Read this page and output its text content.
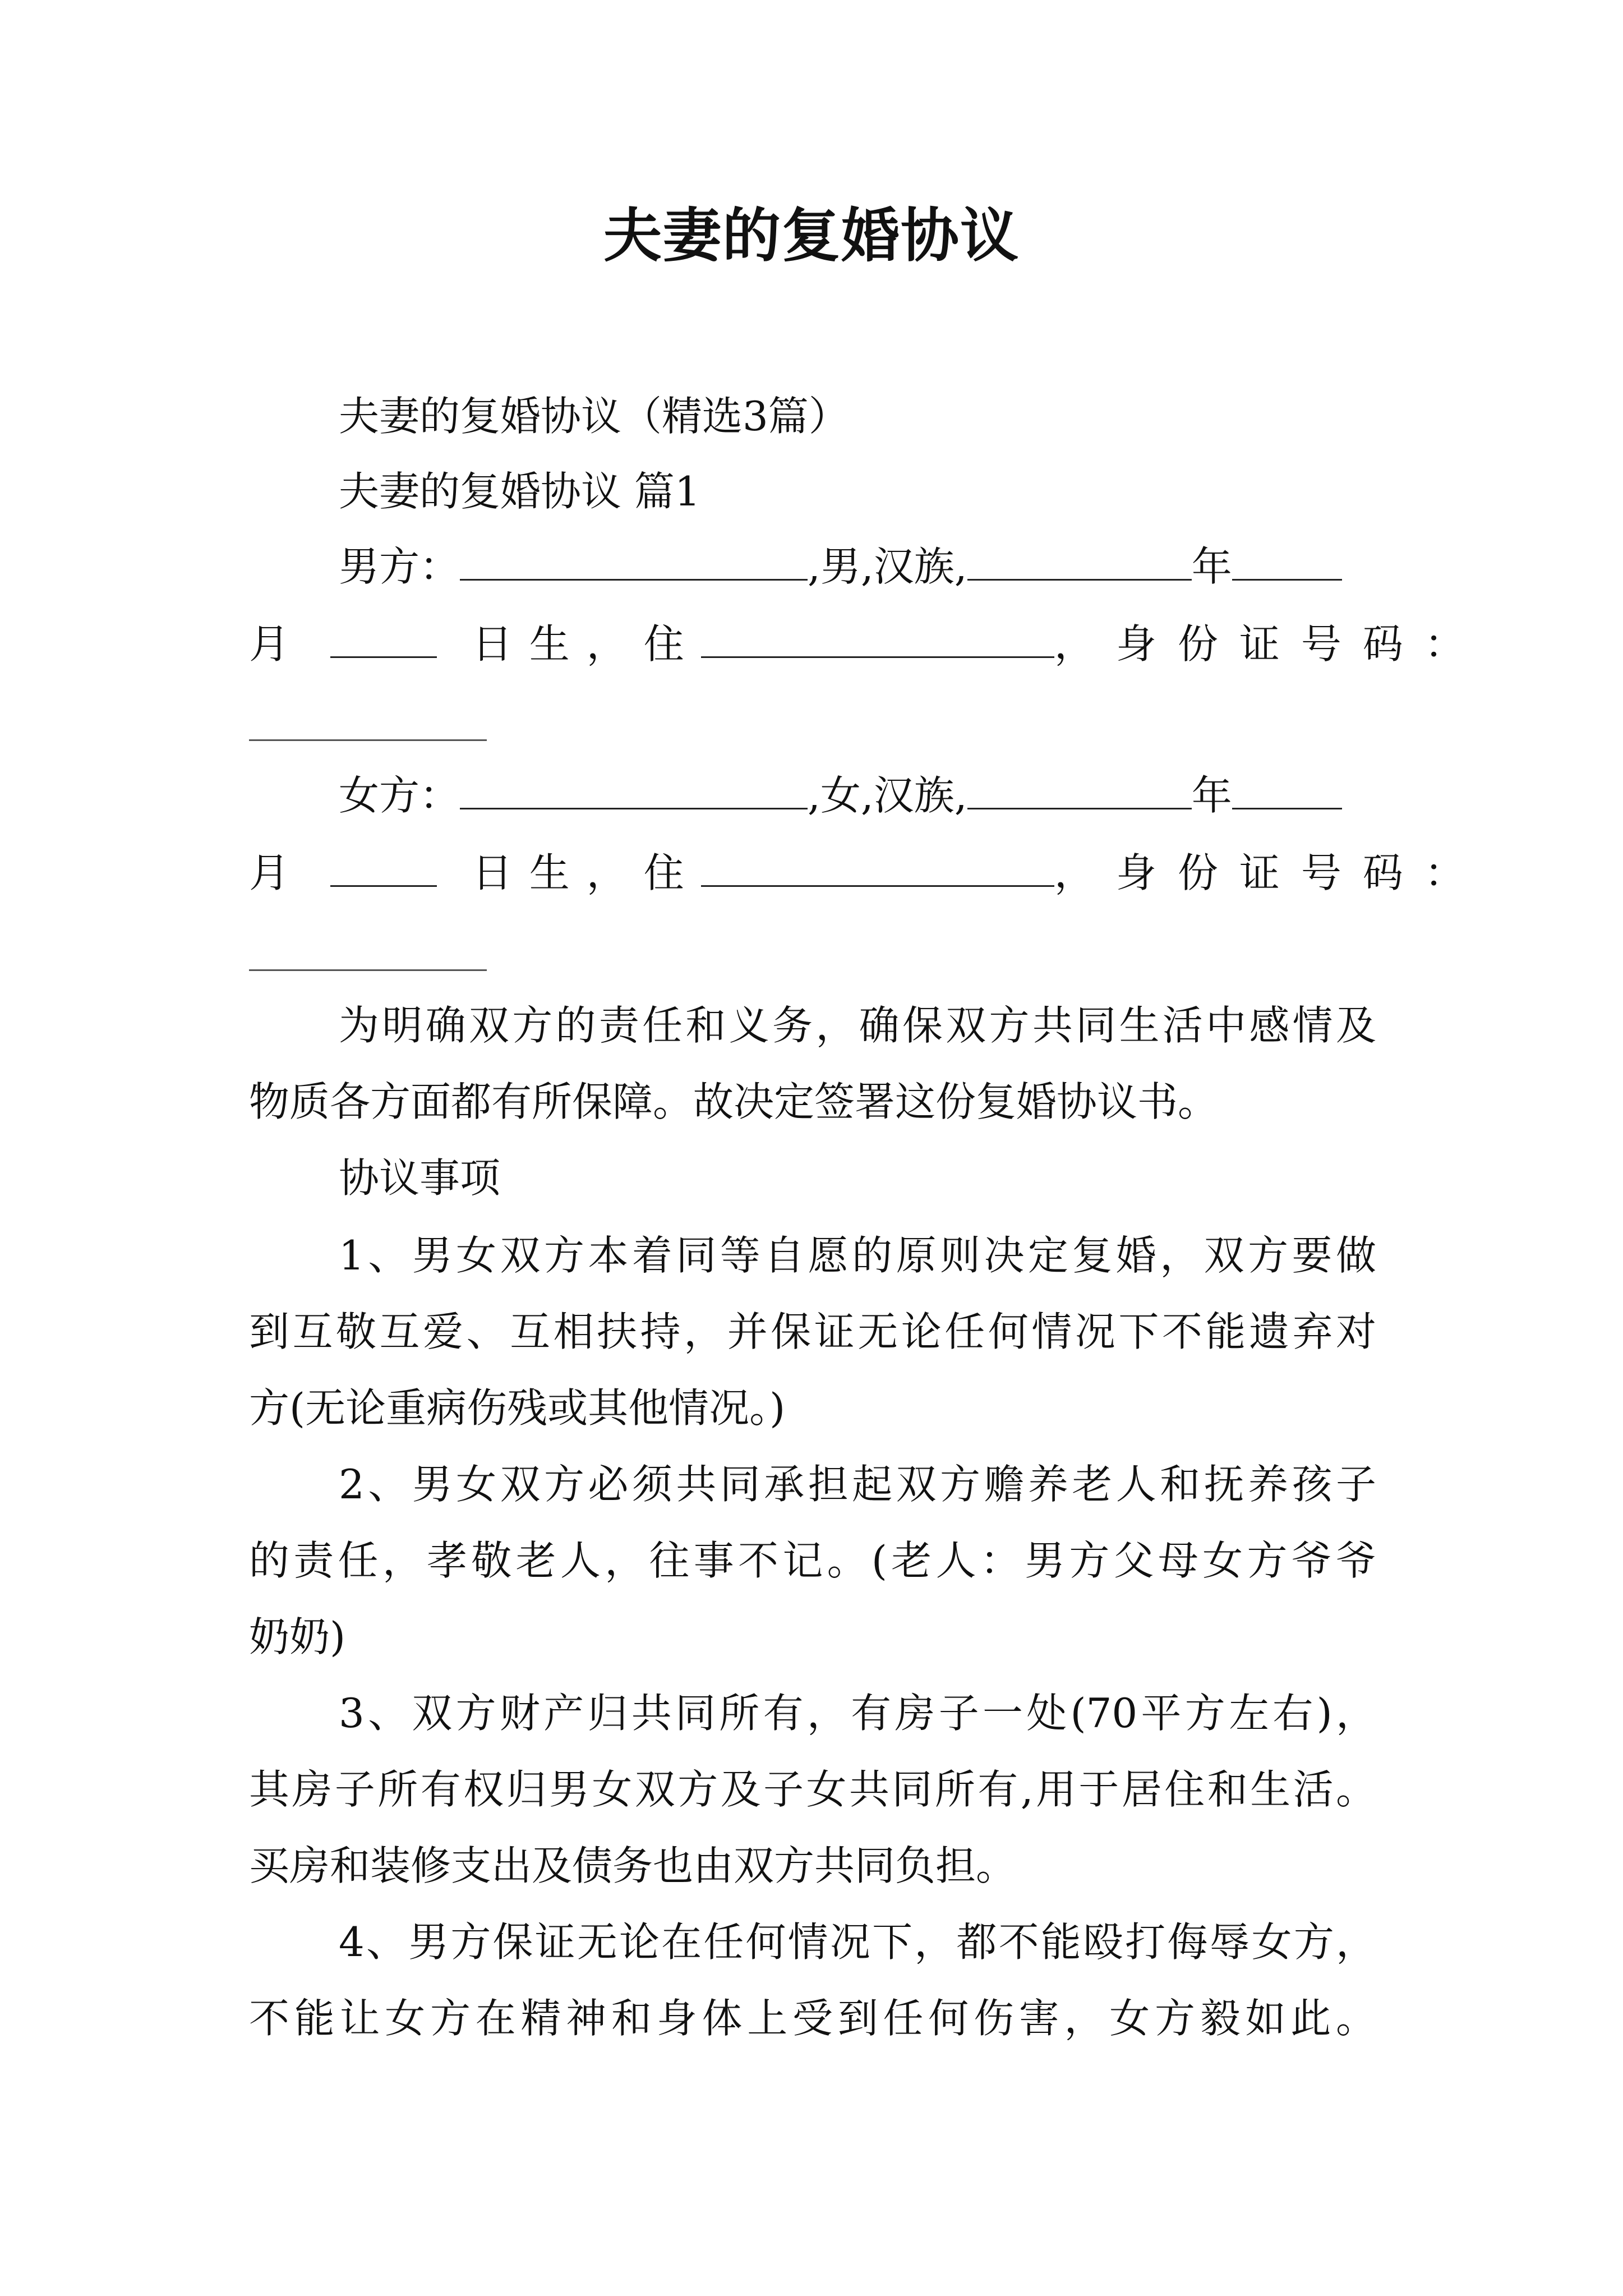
夫妻的复婚协议
夫妻的复婚协议（精选3篇）
夫妻的复婚协议 篇1
男方：	,男,汉族,	年
月	日生，住	，身份证号码：
女方：	,女,汉族,	年
月	日生，住	，身份证号码：
为明确双方的责任和义务，确保双方共同生活中感情及
物质各方面都有所保障。故决定签署这份复婚协议书。
协议事项
1、男女双方本着同等自愿的原则决定复婚，双方要做
到互敬互爱、互相扶持，并保证无论任何情况下不能遗弃对
方(无论重病伤残或其他情况。)
2、男女双方必须共同承担起双方赡养老人和抚养孩子
的责任，孝敬老人，往事不记。(老人：男方父母女方爷爷
奶奶)
3、双方财产归共同所有，有房子一处(70平方左右)，
其房子所有权归男女双方及子女共同所有,用于居住和生活。
买房和装修支出及债务也由双方共同负担。
4、男方保证无论在任何情况下，都不能殴打侮辱女方，
不能让女方在精神和身体上受到任何伤害，女方毅如此。
